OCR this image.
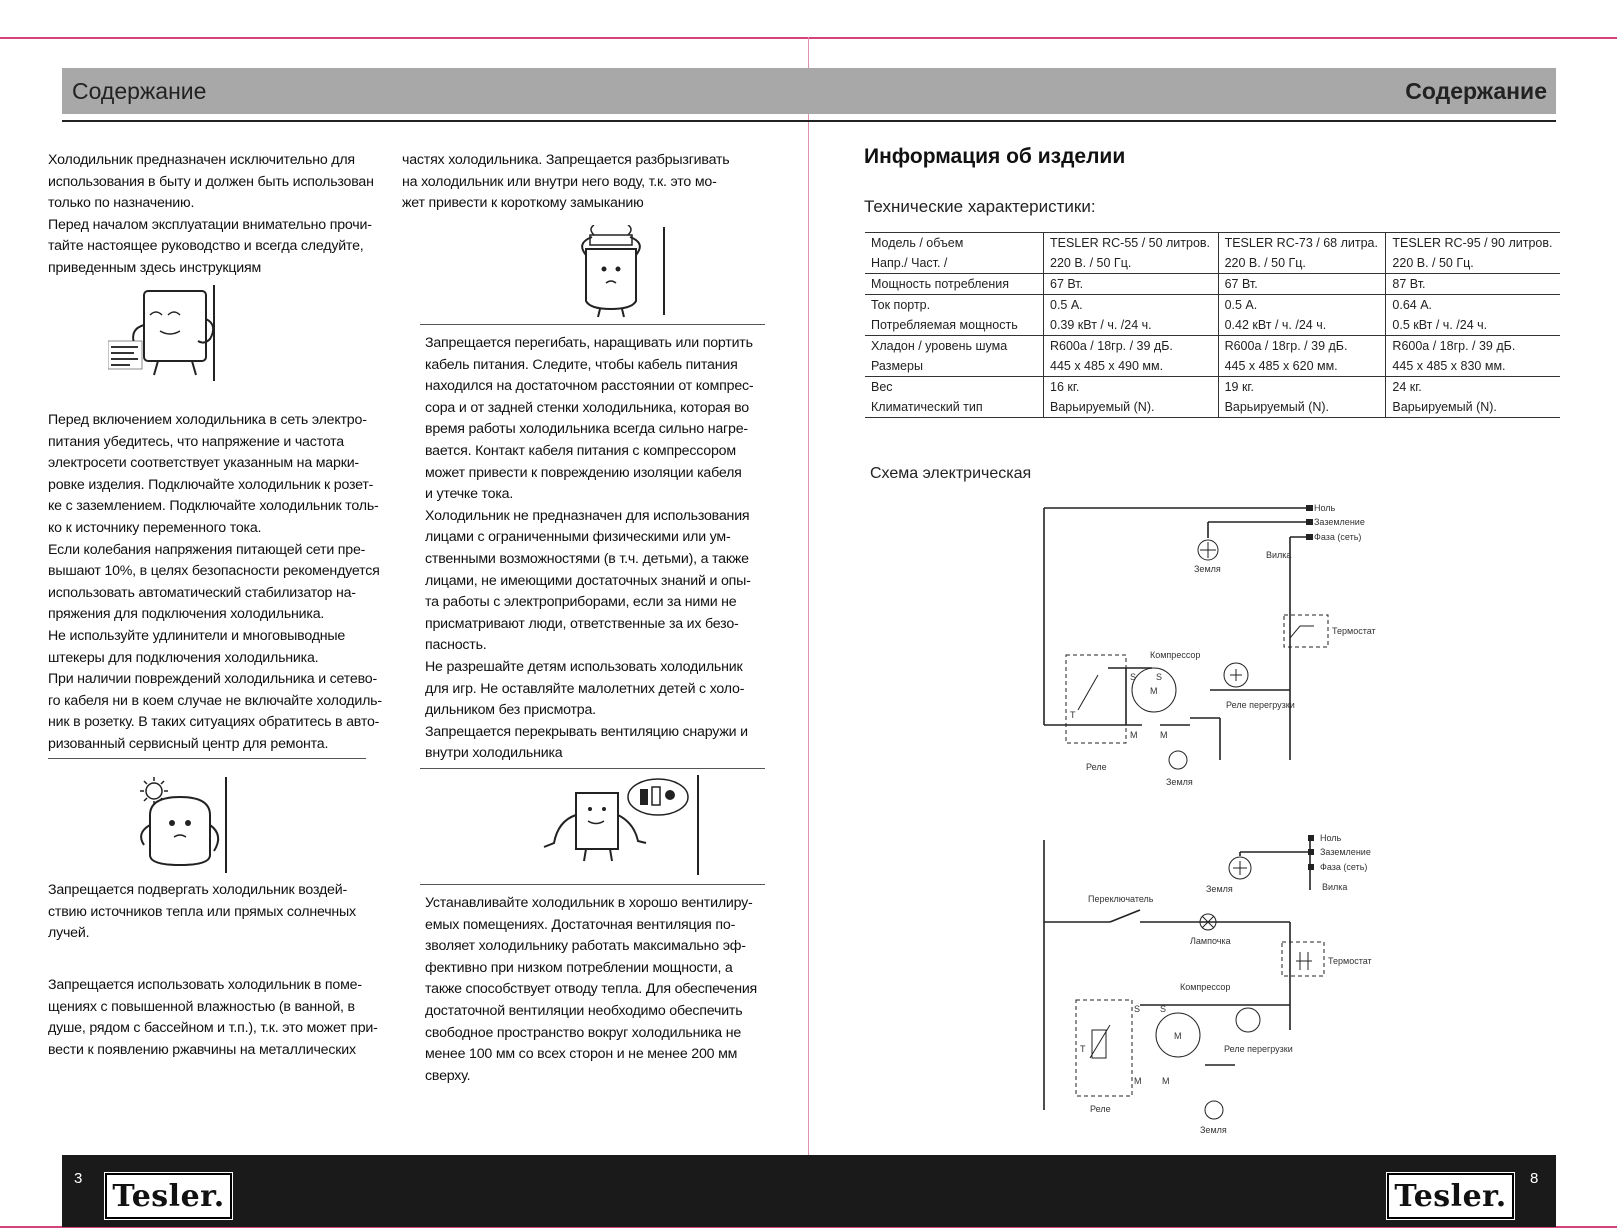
Содержание	Содержание

Холодильник предназначен исключительно для
использования в быту и должен быть использован
только по назначению.
Перед началом эксплуатации внимательно прочи-
тайте настоящее руководство и всегда следуйте,
приведенным здесь инструкциям

Перед включением холодильника в сеть электро-
питания убедитесь, что напряжение и частота
электросети соответствует указанным на марки-
ровке изделия. Подключайте холодильник к розет-
ке с заземлением. Подключайте холодильник толь-
ко к источнику переменного тока.
Если колебания напряжения питающей сети пре-
вышают 10%, в целях безопасности рекомендуется
использовать автоматический стабилизатор на-
пряжения для подключения холодильника.
Не используйте удлинители и многовыводные
штекеры для подключения холодильника.
При наличии повреждений холодильника и сетево-
го кабеля ни в коем случае не включайте холодиль-
ник в розетку. В таких ситуациях обратитесь в авто-
ризованный сервисный центр для ремонта.

Запрещается подвергать холодильник воздей-
ствию источников тепла или прямых солнечных
лучей.

Запрещается использовать холодильник в поме-
щениях с повышенной влажностью (в ванной, в
душе, рядом с бассейном и т.п.), т.к. это может при-
вести к появлению ржавчины на металлических

частях холодильника. Запрещается разбрызгивать
на холодильник или внутри него воду, т.к. это мо-
жет привести к короткому замыканию

Запрещается перегибать, наращивать или портить
кабель питания. Следите, чтобы кабель питания
находился на достаточном расстоянии от компрес-
сора и от задней стенки холодильника, которая во
время работы холодильника всегда сильно нагре-
вается. Контакт кабеля питания с компрессором
может привести к повреждению изоляции кабеля
и утечке тока.
Холодильник не предназначен для использования
лицами с ограниченными физическими или ум-
ственными возможностями (в т.ч. детьми), а также
лицами, не имеющими достаточных знаний и опы-
та работы с электроприборами, если за ними не
присматривают люди, ответственные за их безо-
пасность.
Не разрешайте детям использовать холодильник
для игр. Не оставляйте малолетних детей с холо-
дильником без присмотра.
Запрещается перекрывать вентиляцию снаружи и
внутри холодильника

Устанавливайте холодильник в хорошо вентилиру-
емых помещениях. Достаточная вентиляция по-
зволяет холодильнику работать максимально эф-
фективно при низком потреблении мощности, а
также способствует отводу тепла. Для обеспечения
достаточной вентиляции необходимо обеспечить
свободное пространство вокруг холодильника не
менее 100 мм со всех сторон и не менее 200 мм
сверху.

Информация об изделии
Технические характеристики:
Модель / объем	TESLER RC-55 / 50 литров.	TESLER RC-73 / 68 литра.	TESLER RC-95 / 90 литров.
Напр./ Част. /	220 В. / 50 Гц.	220 В. / 50 Гц.	220 В. / 50 Гц.
Мощность потребления	67 Вт.	67 Вт.	87 Вт.
Ток портр.	0.5 А.	0.5 А.	0.64 А.
Потребляемая мощность	0.39 кВт / ч. /24 ч.	0.42 кВт / ч. /24 ч.	0.5 кВт / ч. /24 ч.
Хладон / уровень шума	R600a / 18гр. / 39 дБ.	R600a / 18гр. / 39 дБ.	R600a / 18гр. / 39 дБ.
Размеры	445 x 485 x 490 мм.	445 x 485 x 620 мм.	445 x 485 x 830 мм.
Вес	16 кг.	19 кг.	24 кг.
Климатический тип	Варьируемый (N).	Варьируемый (N).	Варьируемый (N).
Схема электрическая
Ноль
Заземление
Фаза (сеть)
Вилка
Земля
Термостат
Компрессор
Реле перегрузки
Реле
Земля
S S
M
M	M
T
Ноль
Заземление
Фаза (сеть)
Вилка
Земля
Переключатель
Лампочка
Термостат
Компрессор
Реле перегрузки
Реле
Земля
S S
M
M M
T
3	8
Tesler.	Tesler.
